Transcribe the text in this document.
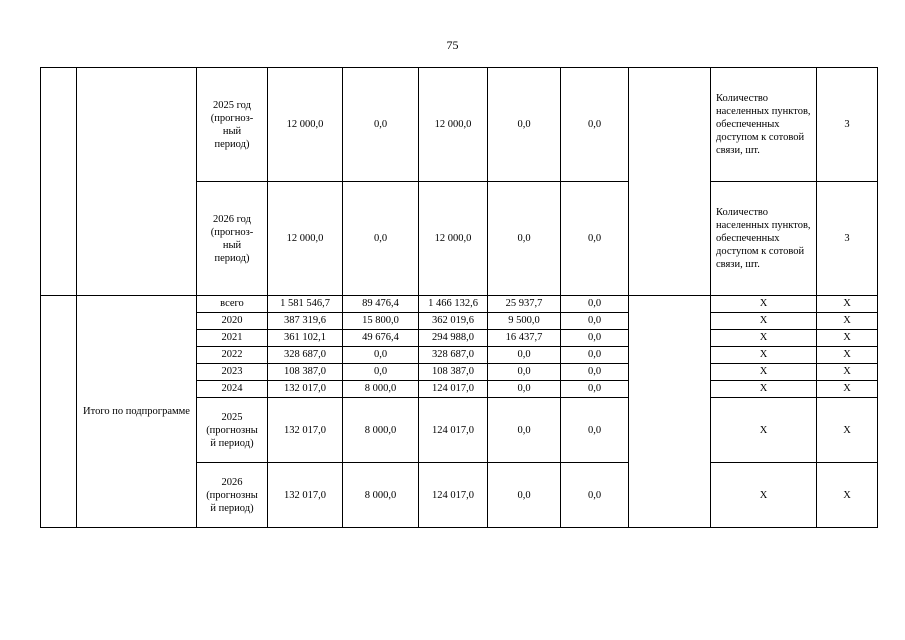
75
		2025 год (прогноз-
ный
период)	12 000,0	0,0	12 000,0	0,0	0,0		Количество населенных пунктов, обеспеченных доступом к сотовой связи, шт.	3
		2026 год
(прогноз-
ный
период)	12 000,0	0,0	12 000,0	0,0	0,0		Количество населенных пунктов, обеспеченных доступом к сотовой связи, шт.	3
	Итого по подпрограмме	всего	1 581 546,7	89 476,4	1 466 132,6	25 937,7	0,0		Х	Х
		2020	387 319,6	15 800,0	362 019,6	9 500,0	0,0		Х	Х
		2021	361 102,1	49 676,4	294 988,0	16 437,7	0,0		Х	Х
		2022	328 687,0	0,0	328 687,0	0,0	0,0		Х	Х
		2023	108 387,0	0,0	108 387,0	0,0	0,0		Х	Х
		2024	132 017,0	8 000,0	124 017,0	0,0	0,0		Х	Х
		2025
(прогнозны
й период)	132 017,0	8 000,0	124 017,0	0,0	0,0		Х	Х
		2026
(прогнозны
й период)	132 017,0	8 000,0	124 017,0	0,0	0,0		Х	Х
